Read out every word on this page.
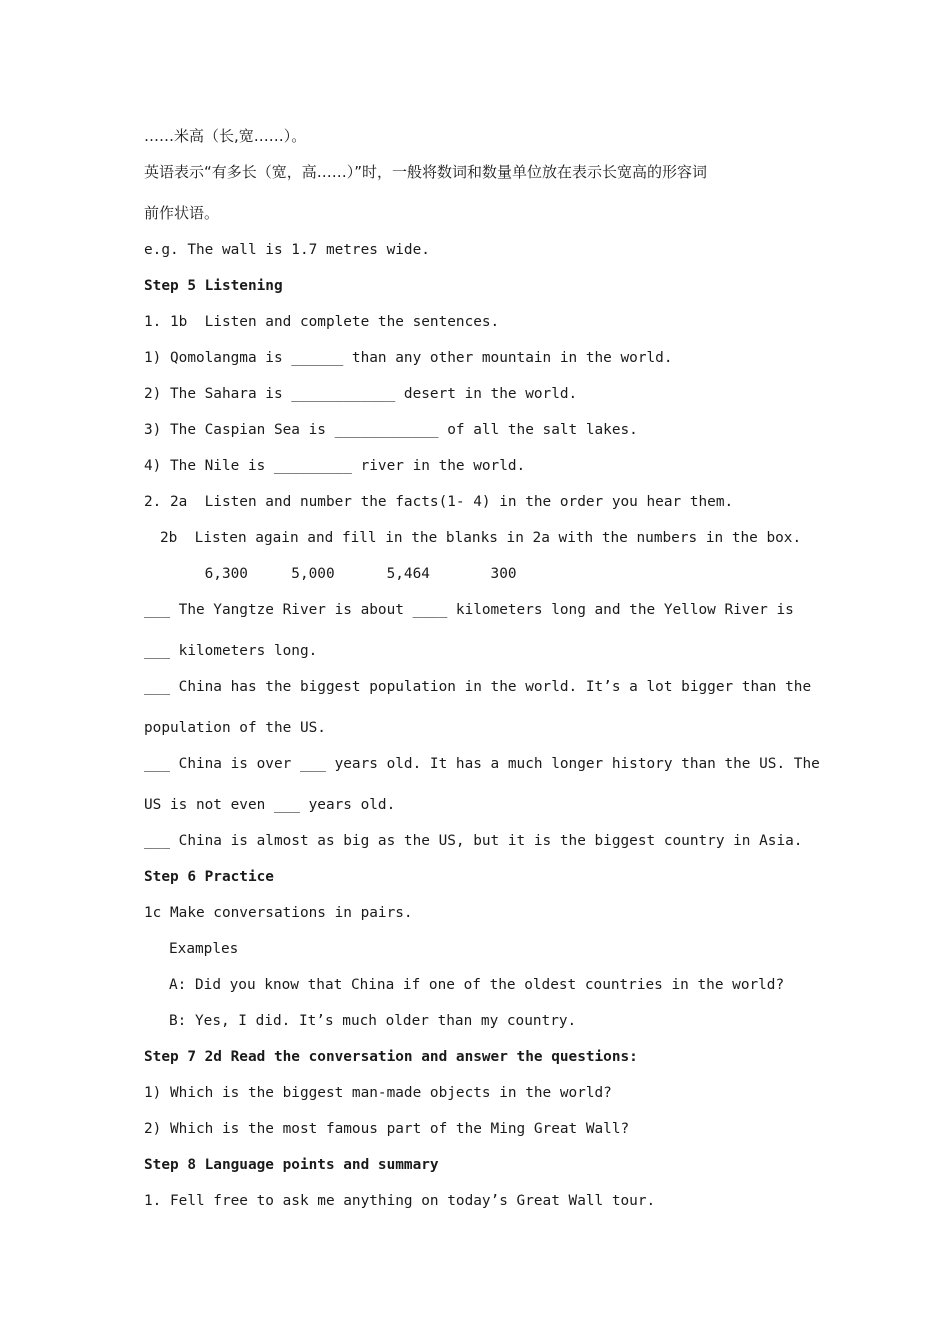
……米高（长,宽……）。
英语表示“有多长（宽，高……）”时，一般将数词和数量单位放在表示长宽高的形容词
前作状语。
e.g. The wall is 1.7 metres wide.
Step 5 Listening
1. 1b  Listen and complete the sentences.
1) Qomolangma is ______ than any other mountain in the world.
2) The Sahara is ____________ desert in the world.
3) The Caspian Sea is ____________ of all the salt lakes.
4) The Nile is _________ river in the world.
2. 2a  Listen and number the facts(1- 4) in the order you hear them.
2b  Listen again and fill in the blanks in 2a with the numbers in the box.
6,300     5,000      5,464       300
___ The Yangtze River is about ____ kilometers long and the Yellow River is
___ kilometers long.
___ China has the biggest population in the world. It’s a lot bigger than the
population of the US.
___ China is over ___ years old. It has a much longer history than the US. The
US is not even ___ years old.
___ China is almost as big as the US, but it is the biggest country in Asia.
Step 6 Practice
1c Make conversations in pairs.
Examples
A: Did you know that China if one of the oldest countries in the world?
B: Yes, I did. It’s much older than my country.
Step 7 2d Read the conversation and answer the questions:
1) Which is the biggest man-made objects in the world?
2) Which is the most famous part of the Ming Great Wall?
Step 8 Language points and summary
1. Fell free to ask me anything on today’s Great Wall tour.
